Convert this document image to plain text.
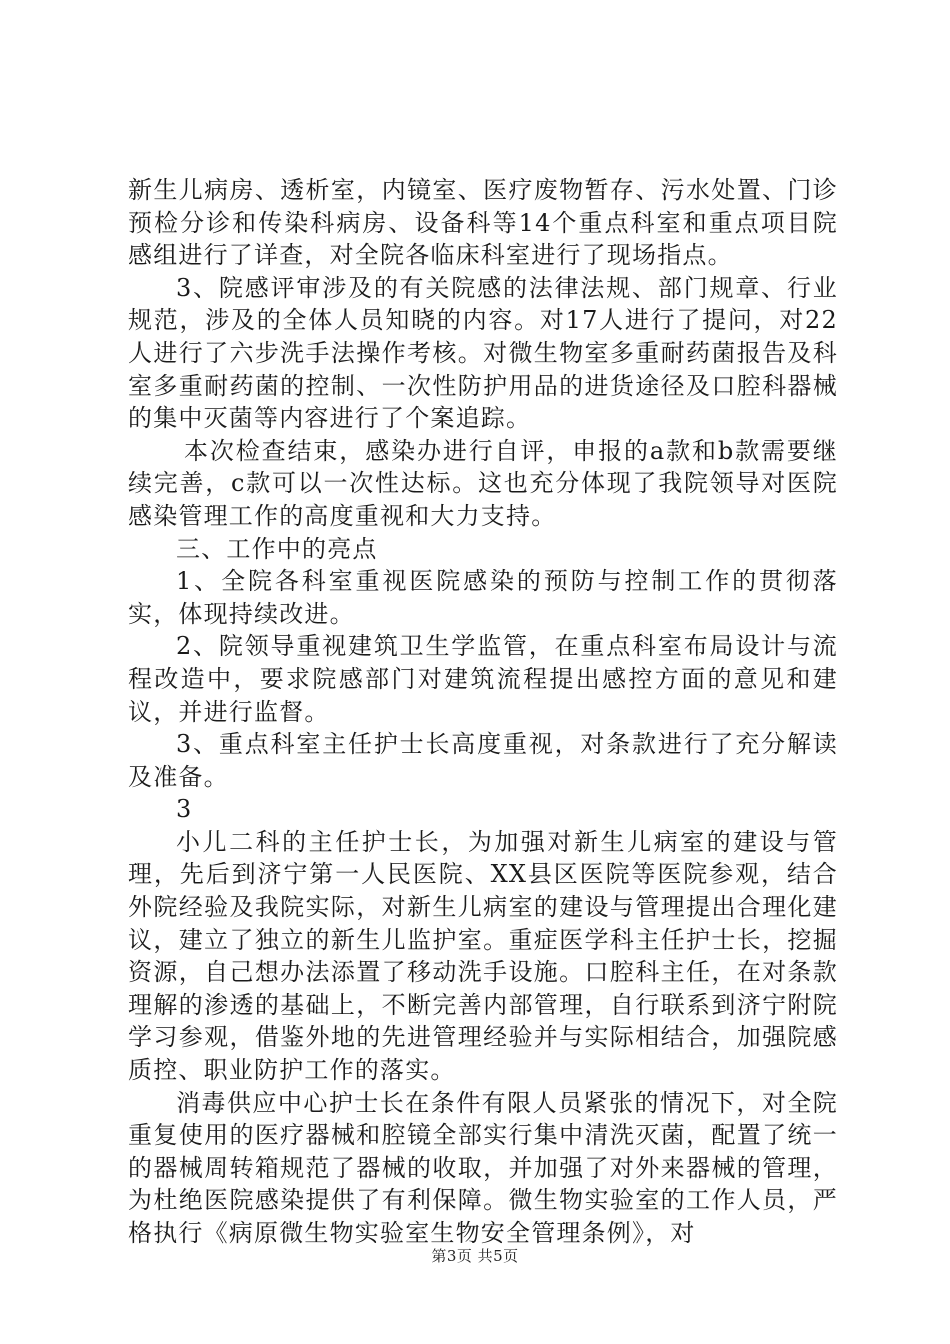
新生儿病房、透析室，内镜室、医疗废物暂存、污水处置、门诊预检分诊和传染科病房、设备科等14个重点科室和重点项目院感组进行了详查，对全院各临床科室进行了现场指点。

3、院感评审涉及的有关院感的法律法规、部门规章、行业规范，涉及的全体人员知晓的内容。对17人进行了提问，对22人进行了六步洗手法操作考核。对微生物室多重耐药菌报告及科室多重耐药菌的控制、一次性防护用品的进货途径及口腔科器械的集中灭菌等内容进行了个案追踪。

本次检查结束，感染办进行自评，申报的a款和b款需要继续完善，c款可以一次性达标。这也充分体现了我院领导对医院感染管理工作的高度重视和大力支持。

三、工作中的亮点

1、全院各科室重视医院感染的预防与控制工作的贯彻落实，体现持续改进。

2、院领导重视建筑卫生学监管，在重点科室布局设计与流程改造中，要求院感部门对建筑流程提出感控方面的意见和建议，并进行监督。

3、重点科室主任护士长高度重视，对条款进行了充分解读及准备。

3

小儿二科的主任护士长，为加强对新生儿病室的建设与管理，先后到济宁第一人民医院、XX县区医院等医院参观，结合外院经验及我院实际，对新生儿病室的建设与管理提出合理化建议，建立了独立的新生儿监护室。重症医学科主任护士长，挖掘资源，自己想办法添置了移动洗手设施。口腔科主任，在对条款理解的渗透的基础上，不断完善内部管理，自行联系到济宁附院学习参观，借鉴外地的先进管理经验并与实际相结合，加强院感质控、职业防护工作的落实。

消毒供应中心护士长在条件有限人员紧张的情况下，对全院重复使用的医疗器械和腔镜全部实行集中清洗灭菌，配置了统一的器械周转箱规范了器械的收取，并加强了对外来器械的管理，为杜绝医院感染提供了有利保障。微生物实验室的工作人员，严格执行《病原微生物实验室生物安全管理条例》，对

第3页 共5页
